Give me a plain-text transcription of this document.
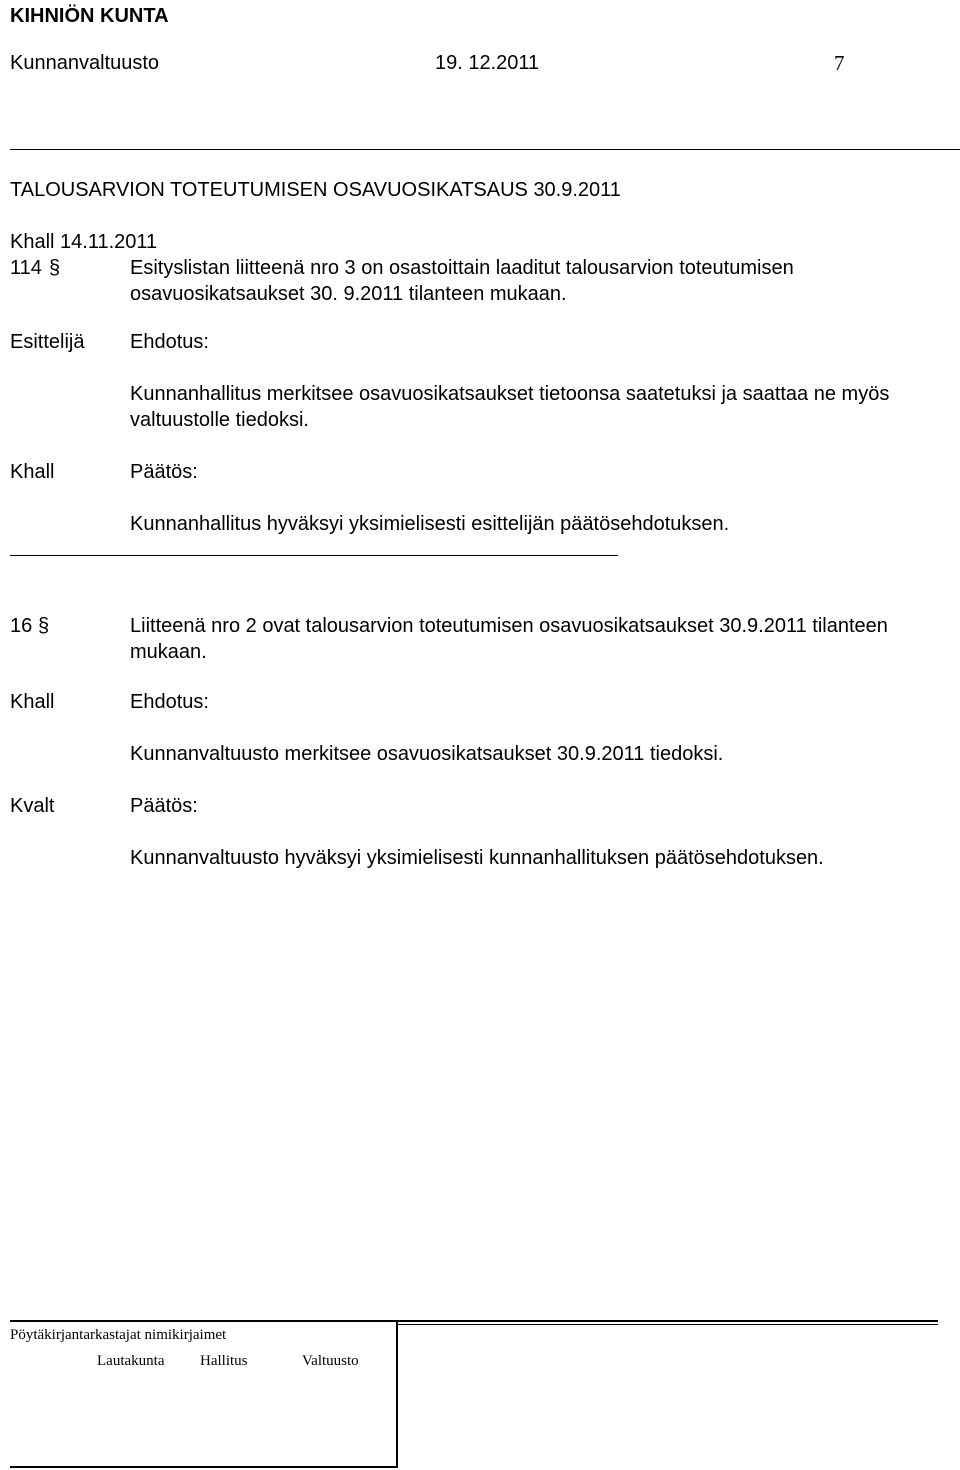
KIHNIÖN KUNTA
Kunnanvaltuusto	19. 12.2011	7
TALOUSARVION TOTEUTUMISEN OSAVUOSIKATSAUS 30.9.2011
Khall 14.11.2011
114 §	Esityslistan liitteenä nro 3 on osastoittain laaditut talousarvion toteutumisen osavuosikatsaukset 30. 9.2011 tilanteen mukaan.
Esittelijä Ehdotus:
Kunnanhallitus merkitsee osavuosikatsaukset tietoonsa saatetuksi ja saattaa ne myös valtuustolle tiedoksi.
Khall	Päätös:
Kunnanhallitus hyväksyi yksimielisesti esittelijän päätösehdotuksen.
16 §	Liitteenä nro 2 ovat talousarvion toteutumisen osavuosikatsaukset 30.9.2011 tilanteen mukaan.
Khall	Ehdotus:
Kunnanvaltuusto merkitsee osavuosikatsaukset 30.9.2011 tiedoksi.
Kvalt	Päätös:
Kunnanvaltuusto hyväksyi yksimielisesti kunnanhallituksen päätösehdotuksen.
Pöytäkirjantarkastajat nimikirjaimet
Lautakunta Hallitus	Valtuusto
